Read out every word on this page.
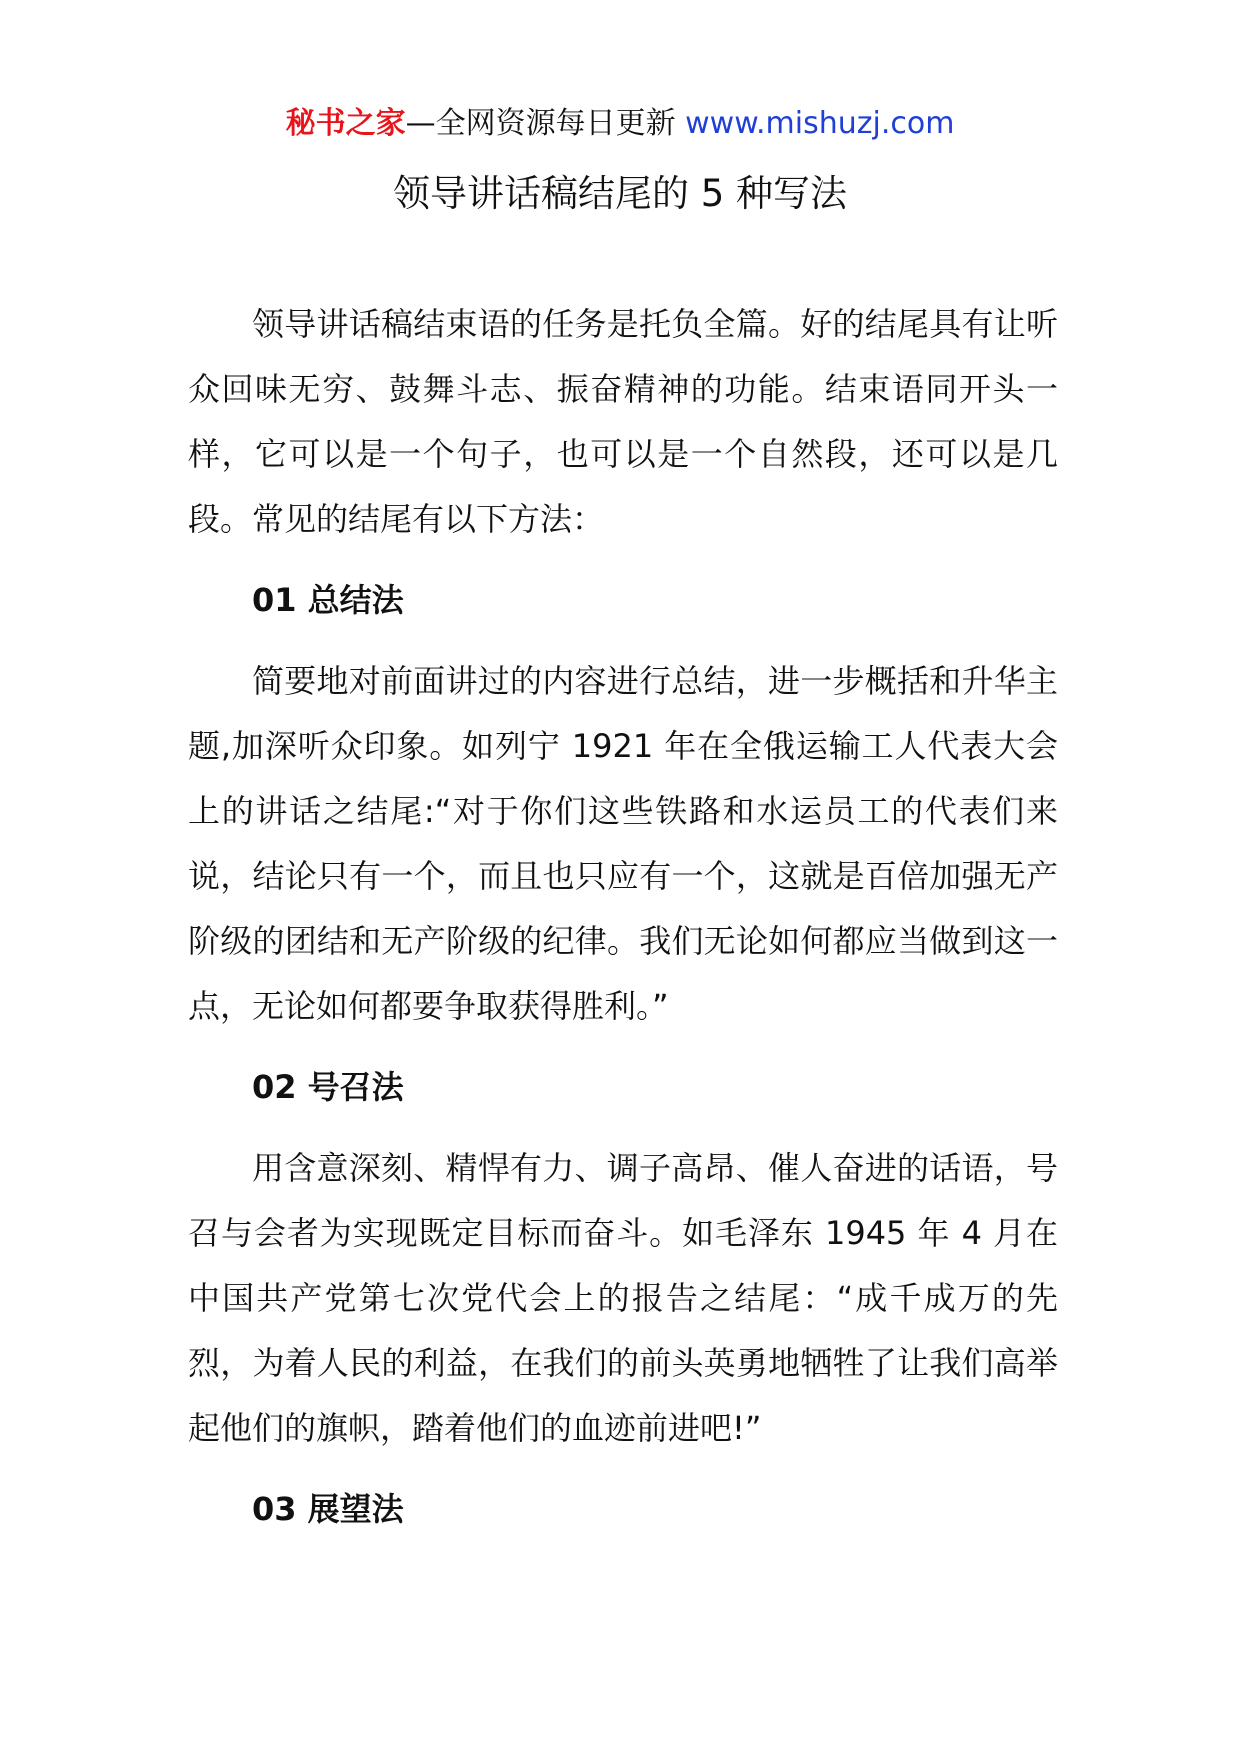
秘书之家—全网资源每日更新 www.mishuzj.com
领导讲话稿结尾的 5 种写法

领导讲话稿结束语的任务是托负全篇。好的结尾具有让听众回味无穷、鼓舞斗志、振奋精神的功能。结束语同开头一样，它可以是一个句子，也可以是一个自然段，还可以是几段。常见的结尾有以下方法：

01 总结法

简要地对前面讲过的内容进行总结，进一步概括和升华主题,加深听众印象。如列宁 1921 年在全俄运输工人代表大会上的讲话之结尾:“对于你们这些铁路和水运员工的代表们来说，结论只有一个，而且也只应有一个，这就是百倍加强无产阶级的团结和无产阶级的纪律。我们无论如何都应当做到这一点，无论如何都要争取获得胜利。”

02 号召法

用含意深刻、精悍有力、调子高昂、催人奋进的话语，号召与会者为实现既定目标而奋斗。如毛泽东 1945 年 4 月在中国共产党第七次党代会上的报告之结尾：“成千成万的先烈，为着人民的利益，在我们的前头英勇地牺牲了让我们高举起他们的旗帜，踏着他们的血迹前进吧!”

03 展望法
